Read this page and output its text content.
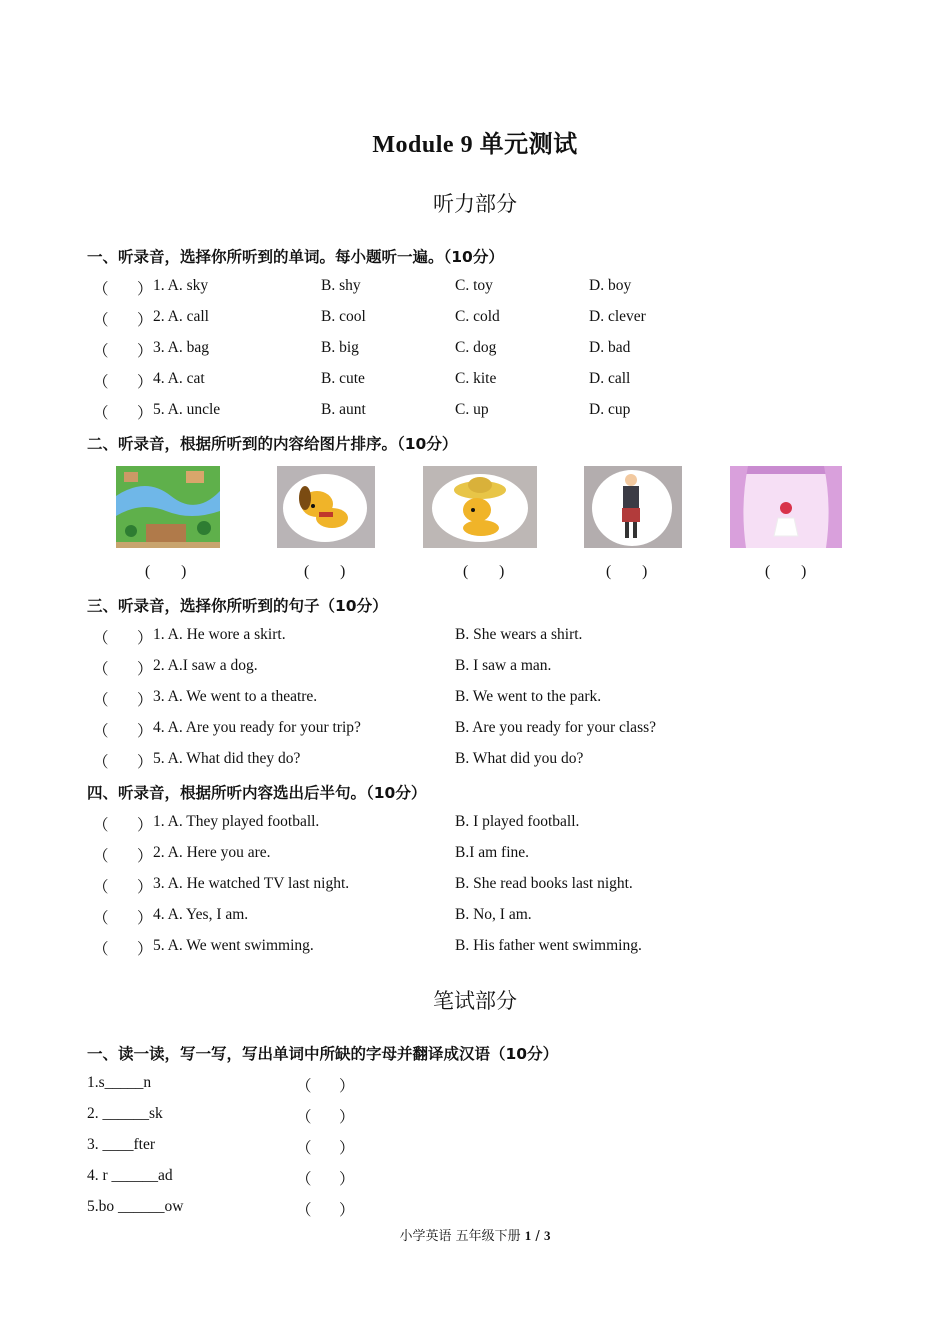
Module 9 单元测试
听力部分
一、听录音，选择你所听到的单词。每小题听一遍。（10分）
（ ） 1. A. sky	B. shy	C. toy	D. boy
（ ） 2. A. call	B. cool	C. cold	D. clever
（ ） 3. A. bag	B. big	C. dog	D. bad
（ ） 4. A. cat	B. cute	C. kite	D. call
（ ） 5. A. uncle	B. aunt	C. up	D. cup
二、听录音，根据所听到的内容给图片排序。（10分）
(        )	(        )	(        )	(        )	(        )
三、听录音，选择你所听到的句子（10分）
（ ） 1. A. He wore a skirt.	B. She wears a shirt.
（ ） 2. A.I saw a dog.	B. I saw a man.
（ ） 3. A. We went to a theatre.	B. We went to the park.
（ ） 4. A. Are you ready for your trip?	B. Are you ready for your class?
（ ） 5. A. What did they do?	B. What did you do?
四、听录音，根据所听内容选出后半句。（10分）
（ ） 1. A. They played football.	B. I played football.
（ ） 2. A. Here you are.	B.I am fine.
（ ） 3. A. He watched TV last night.	B. She read books last night.
（ ） 4. A. Yes, I am.	B. No, I am.
（ ） 5. A. We went swimming.	B. His father went swimming.
笔试部分
一、读一读，写一写，写出单词中所缺的字母并翻译成汉语（10分）
1.s_____n	（ ）
2. ______sk	（ ）
3. ____fter	（ ）
4. r ______ad	（ ）
5.bo ______ow	（ ）
小学英语 五年级下册 1 / 3
